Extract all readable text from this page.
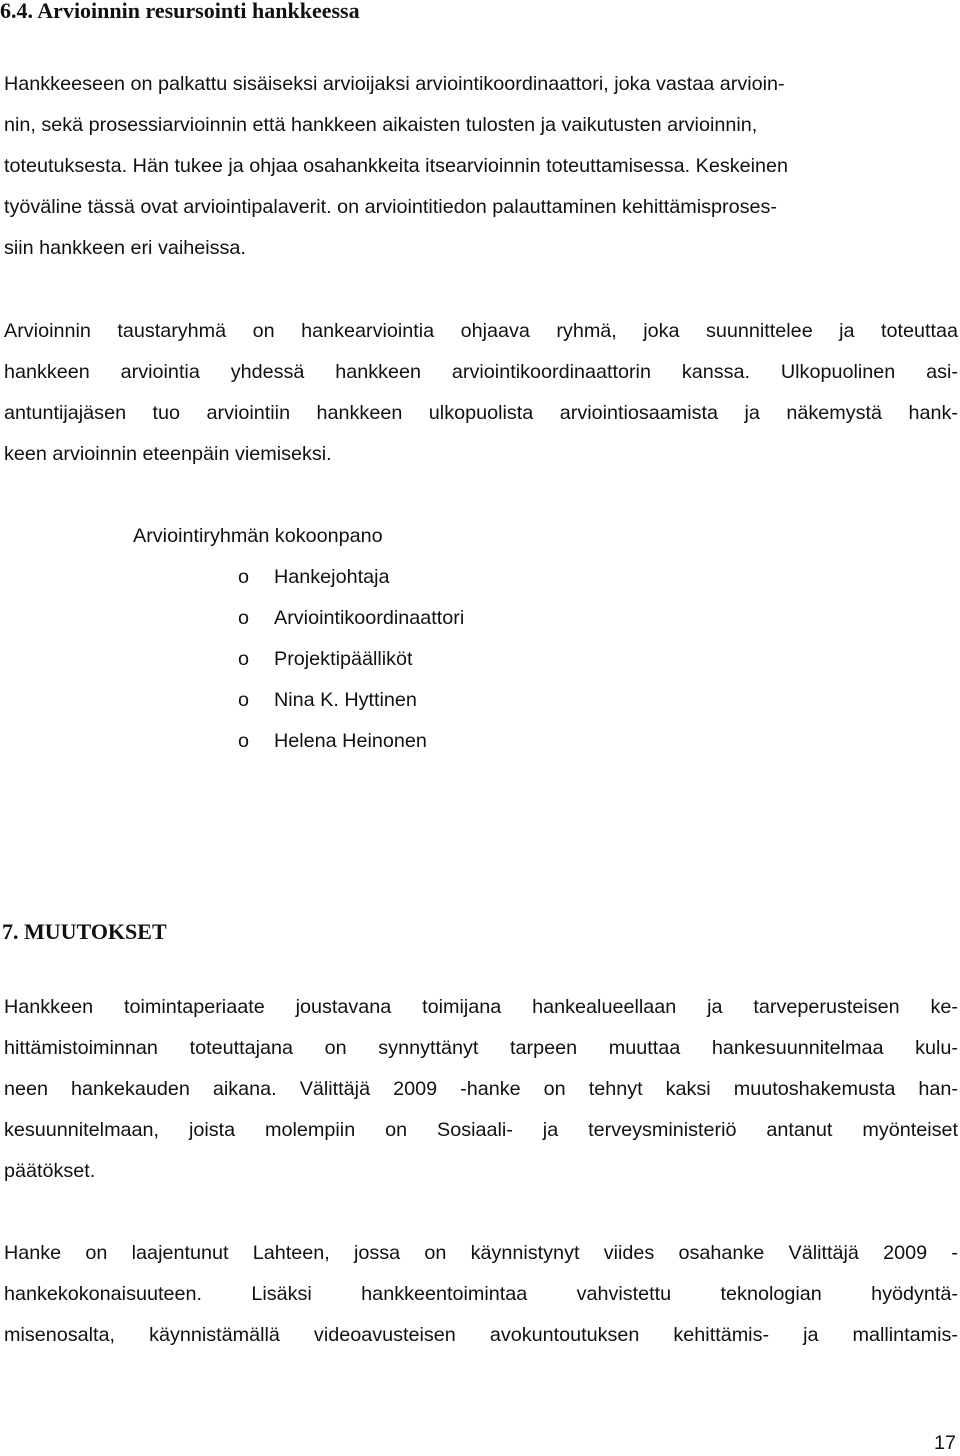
6.4. Arvioinnin resursointi hankkeessa
Hankkeeseen on palkattu sisäiseksi arvioijaksi arviointikoordinaattori, joka vastaa arvioin-
nin, sekä prosessiarvioinnin että hankkeen aikaisten tulosten ja vaikutusten arvioinnin,
toteutuksesta. Hän tukee ja ohjaa osahankkeita itsearvioinnin toteuttamisessa. Keskeinen
työväline tässä ovat arviointipalaverit. on arviointitiedon palauttaminen kehittämisproses-
siin hankkeen eri vaiheissa.
Arvioinnin taustaryhmä on hankearviointia ohjaava ryhmä, joka suunnittelee ja toteuttaa
hankkeen arviointia yhdessä hankkeen arviointikoordinaattorin kanssa. Ulkopuolinen asi-
antuntijajäsen tuo arviointiin hankkeen ulkopuolista arviointiosaamista ja näkemystä hank-
keen arvioinnin eteenpäin viemiseksi.

Arviointiryhmän kokoonpano

o Hankejohtaja
o Arviointikoordinaattori
o Projektipäälliköt
o Nina K. Hyttinen
o Helena Heinonen
7. MUUTOKSET
Hankkeen toimintaperiaate joustavana toimijana hankealueellaan ja tarveperusteisen ke-
hittämistoiminnan toteuttajana on synnyttänyt tarpeen muuttaa hankesuunnitelmaa kulu-
neen hankekauden aikana. Välittäjä 2009 -hanke on tehnyt kaksi muutoshakemusta han-
kesuunnitelmaan, joista molempiin on Sosiaali- ja terveysministeriö antanut myönteiset
päätökset.
Hanke on laajentunut Lahteen, jossa on käynnistynyt viides osahanke Välittäjä 2009 -
hankekokonaisuuteen. Lisäksi hankkeentoimintaa vahvistettu teknologian hyödyntä-
misenosalta, käynnistämällä videoavusteisen avokuntoutuksen kehittämis- ja mallintamis-

17
